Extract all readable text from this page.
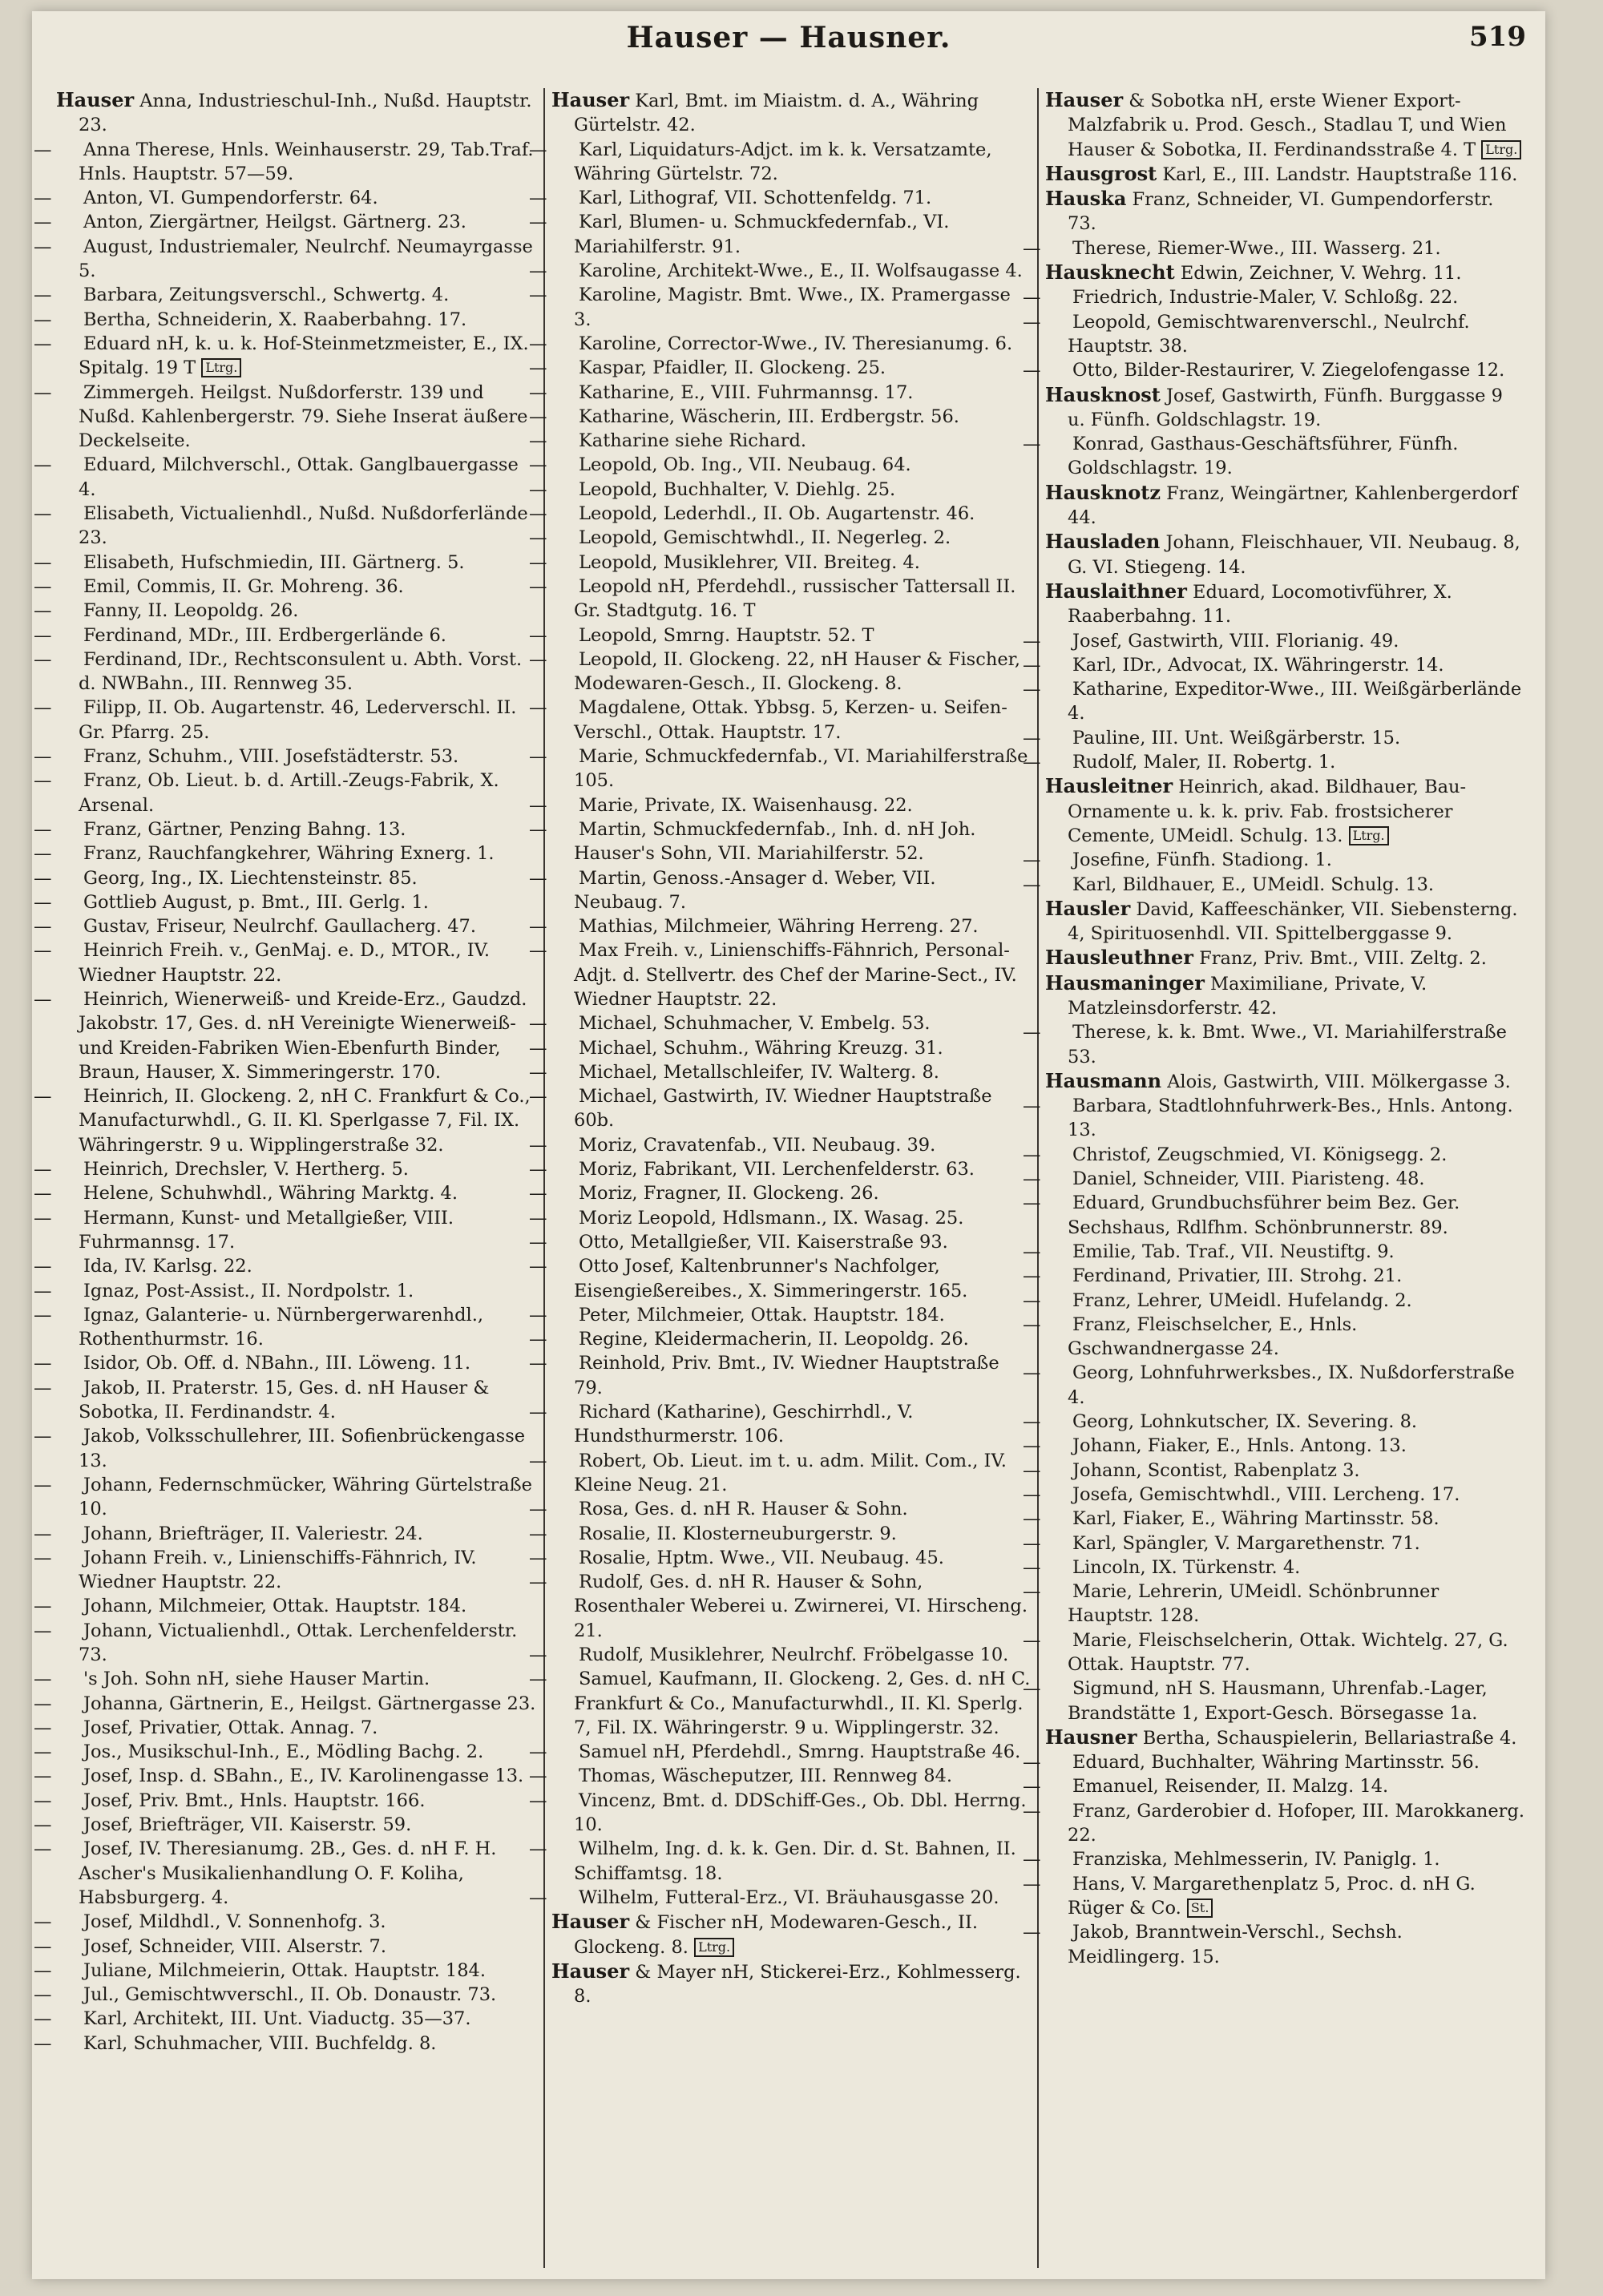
Hauser — Hausner.	519
Hauser Anna, Industrieschul-Inh., Nußd. Hauptstr. 23.
— Anna Therese, Hnls. Weinhauserstr. 29, Tab.Traf. Hnls. Hauptstr. 57—59.
— Anton, VI. Gumpendorferstr. 64.
— Anton, Ziergärtner, Heilgst. Gärtnerg. 23.
— August, Industriemaler, Neulrchf. Neumayrgasse 5.
— Barbara, Zeitungsverschl., Schwertg. 4.
— Bertha, Schneiderin, X. Raaberbahng. 17.
— Eduard nH, k. u. k. Hof-Steinmetzmeister, E., IX. Spitalg. 19 T Ltrg.
— Zimmergeh. Heilgst. Nußdorferstr. 139 und Nußd. Kahlenbergerstr. 79. Siehe Inserat äußere Deckelseite.
— Eduard, Milchverschl., Ottak. Ganglbauergasse 4.
— Elisabeth, Victualienhdl., Nußd. Nußdorferlände 23.
— Elisabeth, Hufschmiedin, III. Gärtnerg. 5.
— Emil, Commis, II. Gr. Mohreng. 36.
— Fanny, II. Leopoldg. 26.
— Ferdinand, MDr., III. Erdbergerlände 6.
— Ferdinand, IDr., Rechtsconsulent u. Abth. Vorst. d. NWBahn., III. Rennweg 35.
— Filipp, II. Ob. Augartenstr. 46, Lederverschl. II. Gr. Pfarrg. 25.
— Franz, Schuhm., VIII. Josefstädterstr. 53.
— Franz, Ob. Lieut. b. d. Artill.-Zeugs-Fabrik, X. Arsenal.
— Franz, Gärtner, Penzing Bahng. 13.
— Franz, Rauchfangkehrer, Währing Exnerg. 1.
— Georg, Ing., IX. Liechtensteinstr. 85.
— Gottlieb August, p. Bmt., III. Gerlg. 1.
— Gustav, Friseur, Neulrchf. Gaullacherg. 47.
— Heinrich Freih. v., GenMaj. e. D., MTOR., IV. Wiedner Hauptstr. 22.
— Heinrich, Wienerweiß- und Kreide-Erz., Gaudzd. Jakobstr. 17, Ges. d. nH Vereinigte Wienerweiß- und Kreiden-Fabriken Wien-Ebenfurth Binder, Braun, Hauser, X. Simmeringerstr. 170.
— Heinrich, II. Glockeng. 2, nH C. Frankfurt & Co., Manufacturwhdl., G. II. Kl. Sperlgasse 7, Fil. IX. Währingerstr. 9 u. Wipplingerstraße 32.
— Heinrich, Drechsler, V. Hertherg. 5.
— Helene, Schuhwhdl., Währing Marktg. 4.
— Hermann, Kunst- und Metallgießer, VIII. Fuhrmannsg. 17.
— Ida, IV. Karlsg. 22.
— Ignaz, Post-Assist., II. Nordpolstr. 1.
— Ignaz, Galanterie- u. Nürnbergerwarenhdl., Rothenthurmstr. 16.
— Isidor, Ob. Off. d. NBahn., III. Löweng. 11.
— Jakob, II. Praterstr. 15, Ges. d. nH Hauser & Sobotka, II. Ferdinandstr. 4.
— Jakob, Volksschullehrer, III. Sofienbrückengasse 13.
— Johann, Federnschmücker, Währing Gürtelstraße 10.
— Johann, Briefträger, II. Valeriestr. 24.
— Johann Freih. v., Linienschiffs-Fähnrich, IV. Wiedner Hauptstr. 22.
— Johann, Milchmeier, Ottak. Hauptstr. 184.
— Johann, Victualienhdl., Ottak. Lerchenfelderstr. 73.
— 's Joh. Sohn nH, siehe Hauser Martin.
— Johanna, Gärtnerin, E., Heilgst. Gärtnergasse 23.
— Josef, Privatier, Ottak. Annag. 7.
— Jos., Musikschul-Inh., E., Mödling Bachg. 2.
— Josef, Insp. d. SBahn., E., IV. Karolinengasse 13.
— Josef, Priv. Bmt., Hnls. Hauptstr. 166.
— Josef, Briefträger, VII. Kaiserstr. 59.
— Josef, IV. Theresianumg. 2B., Ges. d. nH F. H. Ascher's Musikalienhandlung O. F. Koliha, Habsburgerg. 4.
— Josef, Mildhdl., V. Sonnenhofg. 3.
— Josef, Schneider, VIII. Alserstr. 7.
— Juliane, Milchmeierin, Ottak. Hauptstr. 184.
— Jul., Gemischtwverschl., II. Ob. Donaustr. 73.
— Karl, Architekt, III. Unt. Viaductg. 35—37.
— Karl, Schuhmacher, VIII. Buchfeldg. 8.
Hauser Karl, Bmt. im Miaistm. d. A., Währing Gürtelstr. 42.
— Karl, Liquidaturs-Adjct. im k. k. Versatzamte, Währing Gürtelstr. 72.
— Karl, Lithograf, VII. Schottenfeldg. 71.
— Karl, Blumen- u. Schmuckfedernfab., VI. Mariahilferstr. 91.
— Karoline, Architekt-Wwe., E., II. Wolfsaugasse 4.
— Karoline, Magistr. Bmt. Wwe., IX. Pramergasse 3.
— Karoline, Corrector-Wwe., IV. Theresianumg. 6.
— Kaspar, Pfaidler, II. Glockeng. 25.
— Katharine, E., VIII. Fuhrmannsg. 17.
— Katharine, Wäscherin, III. Erdbergstr. 56.
— Katharine siehe Richard.
— Leopold, Ob. Ing., VII. Neubaug. 64.
— Leopold, Buchhalter, V. Diehlg. 25.
— Leopold, Lederhdl., II. Ob. Augartenstr. 46.
— Leopold, Gemischtwhdl., II. Negerleg. 2.
— Leopold, Musiklehrer, VII. Breiteg. 4.
— Leopold nH, Pferdehdl., russischer Tattersall II. Gr. Stadtgutg. 16. T
— Leopold, Smrng. Hauptstr. 52. T
— Leopold, II. Glockeng. 22, nH Hauser & Fischer, Modewaren-Gesch., II. Glockeng. 8.
— Magdalene, Ottak. Ybbsg. 5, Kerzen- u. Seifen-Verschl., Ottak. Hauptstr. 17.
— Marie, Schmuckfedernfab., VI. Mariahilferstraße 105.
— Marie, Private, IX. Waisenhausg. 22.
— Martin, Schmuckfedernfab., Inh. d. nH Joh. Hauser's Sohn, VII. Mariahilferstr. 52.
— Martin, Genoss.-Ansager d. Weber, VII. Neubaug. 7.
— Mathias, Milchmeier, Währing Herreng. 27.
— Max Freih. v., Linienschiffs-Fähnrich, Personal-Adjt. d. Stellvertr. des Chef der Marine-Sect., IV. Wiedner Hauptstr. 22.
— Michael, Schuhmacher, V. Embelg. 53.
— Michael, Schuhm., Währing Kreuzg. 31.
— Michael, Metallschleifer, IV. Walterg. 8.
— Michael, Gastwirth, IV. Wiedner Hauptstraße 60b.
— Moriz, Cravatenfab., VII. Neubaug. 39.
— Moriz, Fabrikant, VII. Lerchenfelderstr. 63.
— Moriz, Fragner, II. Glockeng. 26.
— Moriz Leopold, Hdlsmann., IX. Wasag. 25.
— Otto, Metallgießer, VII. Kaiserstraße 93.
— Otto Josef, Kaltenbrunner's Nachfolger, Eisengießereibes., X. Simmeringerstr. 165.
— Peter, Milchmeier, Ottak. Hauptstr. 184.
— Regine, Kleidermacherin, II. Leopoldg. 26.
— Reinhold, Priv. Bmt., IV. Wiedner Hauptstraße 79.
— Richard (Katharine), Geschirrhdl., V. Hundsthurmerstr. 106.
— Robert, Ob. Lieut. im t. u. adm. Milit. Com., IV. Kleine Neug. 21.
— Rosa, Ges. d. nH R. Hauser & Sohn.
— Rosalie, II. Klosterneuburgerstr. 9.
— Rosalie, Hptm. Wwe., VII. Neubaug. 45.
— Rudolf, Ges. d. nH R. Hauser & Sohn, Rosenthaler Weberei u. Zwirnerei, VI. Hirscheng. 21.
— Rudolf, Musiklehrer, Neulrchf. Fröbelgasse 10.
— Samuel, Kaufmann, II. Glockeng. 2, Ges. d. nH C. Frankfurt & Co., Manufacturwhdl., II. Kl. Sperlg. 7, Fil. IX. Währingerstr. 9 u. Wipplingerstr. 32.
— Samuel nH, Pferdehdl., Smrng. Hauptstraße 46.
— Thomas, Wäscheputzer, III. Rennweg 84.
— Vincenz, Bmt. d. DDSchiff-Ges., Ob. Dbl. Herrng. 10.
— Wilhelm, Ing. d. k. k. Gen. Dir. d. St. Bahnen, II. Schiffamtsg. 18.
— Wilhelm, Futteral-Erz., VI. Bräuhausgasse 20.
Hauser & Fischer nH, Modewaren-Gesch., II. Glockeng. 8. Ltrg.
Hauser & Mayer nH, Stickerei-Erz., Kohlmesserg. 8.
Hauser & Sobotka nH, erste Wiener Export-Malzfabrik u. Prod. Gesch., Stadlau T, und Wien Hauser & Sobotka, II. Ferdinandsstraße 4. T Ltrg.
Hausgrost Karl, E., III. Landstr. Hauptstraße 116.
Hauska Franz, Schneider, VI. Gumpendorferstr. 73.
— Therese, Riemer-Wwe., III. Wasserg. 21.
Hausknecht Edwin, Zeichner, V. Wehrg. 11.
— Friedrich, Industrie-Maler, V. Schloßg. 22.
— Leopold, Gemischtwarenverschl., Neulrchf. Hauptstr. 38.
— Otto, Bilder-Restaurirer, V. Ziegelofengasse 12.
Hausknost Josef, Gastwirth, Fünfh. Burggasse 9 u. Fünfh. Goldschlagstr. 19.
— Konrad, Gasthaus-Geschäftsführer, Fünfh. Goldschlagstr. 19.
Hausknotz Franz, Weingärtner, Kahlenbergerdorf 44.
Hausladen Johann, Fleischhauer, VII. Neubaug. 8, G. VI. Stiegeng. 14.
Hauslaithner Eduard, Locomotivführer, X. Raaberbahng. 11.
— Josef, Gastwirth, VIII. Florianig. 49.
— Karl, IDr., Advocat, IX. Währingerstr. 14.
— Katharine, Expeditor-Wwe., III. Weißgärberlände 4.
— Pauline, III. Unt. Weißgärberstr. 15.
— Rudolf, Maler, II. Robertg. 1.
Hausleitner Heinrich, akad. Bildhauer, Bau-Ornamente u. k. k. priv. Fab. frostsicherer Cemente, UMeidl. Schulg. 13. Ltrg.
— Josefine, Fünfh. Stadiong. 1.
— Karl, Bildhauer, E., UMeidl. Schulg. 13.
Hausler David, Kaffeeschänker, VII. Siebensterng. 4, Spirituosenhdl. VII. Spittelberggasse 9.
Hausleuthner Franz, Priv. Bmt., VIII. Zeltg. 2.
Hausmaninger Maximiliane, Private, V. Matzleinsdorferstr. 42.
— Therese, k. k. Bmt. Wwe., VI. Mariahilferstraße 53.
Hausmann Alois, Gastwirth, VIII. Mölkergasse 3.
— Barbara, Stadtlohnfuhrwerk-Bes., Hnls. Antong. 13.
— Christof, Zeugschmied, VI. Königsegg. 2.
— Daniel, Schneider, VIII. Piaristeng. 48.
— Eduard, Grundbuchsführer beim Bez. Ger. Sechshaus, Rdlfhm. Schönbrunnerstr. 89.
— Emilie, Tab. Traf., VII. Neustiftg. 9.
— Ferdinand, Privatier, III. Strohg. 21.
— Franz, Lehrer, UMeidl. Hufelandg. 2.
— Franz, Fleischselcher, E., Hnls. Gschwandnergasse 24.
— Georg, Lohnfuhrwerksbes., IX. Nußdorferstraße 4.
— Georg, Lohnkutscher, IX. Severing. 8.
— Johann, Fiaker, E., Hnls. Antong. 13.
— Johann, Scontist, Rabenplatz 3.
— Josefa, Gemischtwhdl., VIII. Lercheng. 17.
— Karl, Fiaker, E., Währing Martinsstr. 58.
— Karl, Spängler, V. Margarethenstr. 71.
— Lincoln, IX. Türkenstr. 4.
— Marie, Lehrerin, UMeidl. Schönbrunner Hauptstr. 128.
— Marie, Fleischselcherin, Ottak. Wichtelg. 27, G. Ottak. Hauptstr. 77.
— Sigmund, nH S. Hausmann, Uhrenfab.-Lager, Brandstätte 1, Export-Gesch. Börsegasse 1a.
Hausner Bertha, Schauspielerin, Bellariastraße 4.
— Eduard, Buchhalter, Währing Martinsstr. 56.
— Emanuel, Reisender, II. Malzg. 14.
— Franz, Garderobier d. Hofoper, III. Marokkanerg. 22.
— Franziska, Mehlmesserin, IV. Paniglg. 1.
— Hans, V. Margarethenplatz 5, Proc. d. nH G. Rüger & Co. St.
— Jakob, Branntwein-Verschl., Sechsh. Meidlingerg. 15.
